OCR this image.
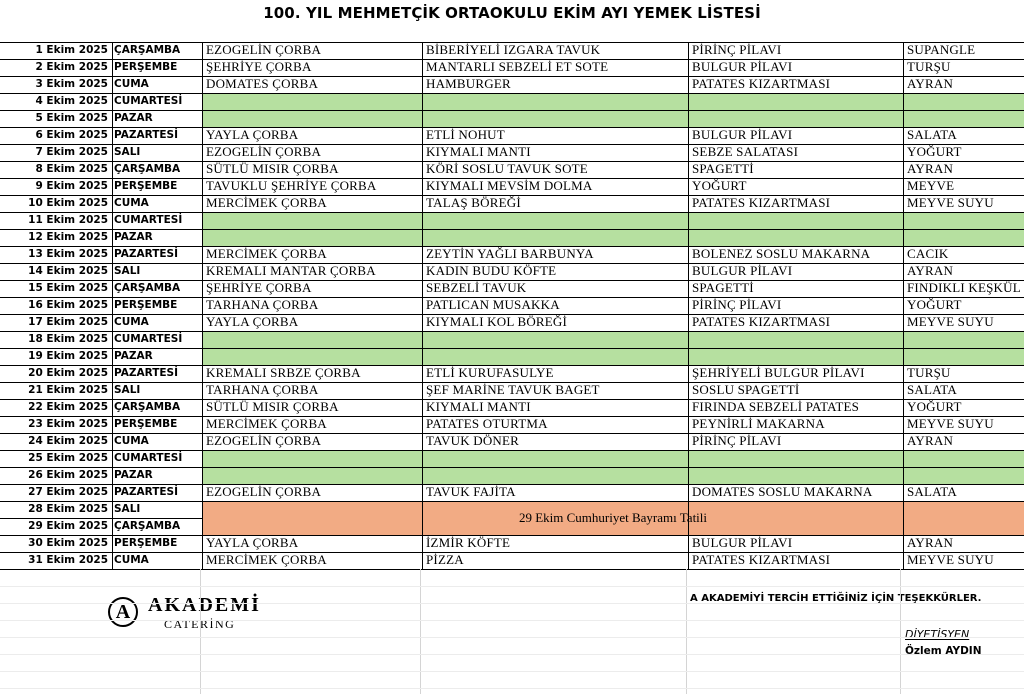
1 Ekim 2025 ÇARŞAMBA	EZOGELİN ÇORBA	BİBERİYELİ IZGARA TAVUK	PİRİNÇ PİLAVI	SUPANGLE
2 Ekim 2025 PERŞEMBE	ŞEHRİYE ÇORBA	MANTARLI SEBZELİ ET SOTE	BULGUR PİLAVI	TURŞU
3 Ekim 2025 CUMA	DOMATES ÇORBA	HAMBURGER	PATATES KIZARTMASI	AYRAN
4 Ekim 2025 CUMARTESİ
5 Ekim 2025 PAZAR
6 Ekim 2025 PAZARTESİ	YAYLA ÇORBA	ETLİ NOHUT	BULGUR PİLAVI	SALATA
7 Ekim 2025 SALI	EZOGELİN ÇORBA	KIYMALI MANTI	SEBZE SALATASI	YOĞURT
8 Ekim 2025 ÇARŞAMBA	SÜTLÜ MISIR ÇORBA	KÖRİ SOSLU TAVUK SOTE	SPAGETTİ	AYRAN
9 Ekim 2025 PERŞEMBE	TAVUKLU ŞEHRİYE ÇORBA	KIYMALI MEVSİM DOLMA	YOĞURT	MEYVE
10 Ekim 2025 CUMA	MERCİMEK ÇORBA	TALAŞ BÖREĞİ	PATATES KIZARTMASI	MEYVE SUYU
11 Ekim 2025 CUMARTESİ
12 Ekim 2025 PAZAR
13 Ekim 2025 PAZARTESİ	MERCİMEK ÇORBA	ZEYTİN YAĞLI BARBUNYA	BOLENEZ SOSLU MAKARNA	CACIK
14 Ekim 2025 SALI	KREMALI MANTAR ÇORBA	KADIN BUDU KÖFTE	BULGUR PİLAVI	AYRAN
15 Ekim 2025 ÇARŞAMBA	ŞEHRİYE ÇORBA	SEBZELİ TAVUK	SPAGETTİ	FINDIKLI KEŞKÜL
16 Ekim 2025 PERŞEMBE	TARHANA ÇORBA	PATLICAN MUSAKKA	PİRİNÇ PİLAVI	YOĞURT
17 Ekim 2025 CUMA	YAYLA ÇORBA	KIYMALI KOL BÖREĞİ	PATATES KIZARTMASI	MEYVE SUYU
18 Ekim 2025 CUMARTESİ
19 Ekim 2025 PAZAR
20 Ekim 2025 PAZARTESİ	KREMALI SRBZE ÇORBA	ETLİ KURUFASULYE	ŞEHRİYELİ BULGUR PİLAVI	TURŞU
21 Ekim 2025 SALI	TARHANA ÇORBA	ŞEF MARİNE TAVUK BAGET	SOSLU SPAGETTİ	SALATA
22 Ekim 2025 ÇARŞAMBA	SÜTLÜ MISIR ÇORBA	KIYMALI MANTI	FIRINDA SEBZELİ PATATES	YOĞURT
23 Ekim 2025 PERŞEMBE	MERCİMEK ÇORBA	PATATES OTURTMA	PEYNİRLİ MAKARNA	MEYVE SUYU
24 Ekim 2025 CUMA	EZOGELİN ÇORBA	TAVUK DÖNER	PİRİNÇ PİLAVI	AYRAN
25 Ekim 2025 CUMARTESİ
26 Ekim 2025 PAZAR
27 Ekim 2025 PAZARTESİ	EZOGELİN ÇORBA	TAVUK FAJİTA	DOMATES SOSLU MAKARNA	SALATA
28 Ekim 2025 SALI
29 Ekim 2025 ÇARŞAMBA
30 Ekim 2025 PERŞEMBE	YAYLA ÇORBA	İZMİR KÖFTE	BULGUR PİLAVI	AYRAN
31 Ekim 2025 CUMA	MERCİMEK ÇORBA	PİZZA	PATATES KIZARTMASI	MEYVE SUYU
29 Ekim Cumhuriyet Bayramı Tatili
100. YIL MEHMETÇİK ORTAOKULU EKİM AYI YEMEK LİSTESİ
A AKADEMİ
CATERİNG
A AKADEMİYİ TERCİH ETTİĞİNİZ İÇİN TEŞEKKÜRLER.
DİYETİSYEN
Özlem AYDIN
